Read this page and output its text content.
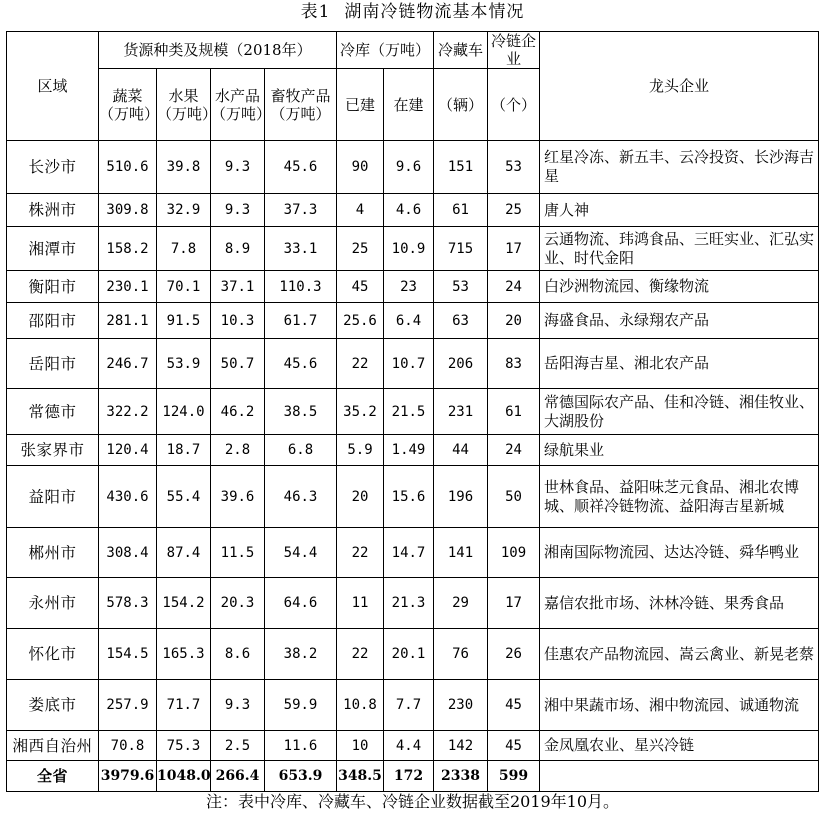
表1 湖南冷链物流基本情况
区域	货源种类及规模（2018年）				冷库（万吨）		冷藏车	冷链企业	龙头企业
	蔬菜（万吨）	水果（万吨）	水产品（万吨）	畜牧产品（万吨）	已建	在建	（辆）	（个）	
长沙市	510.6	39.8	9.3	45.6	90	9.6	151	53	红星冷冻、新五丰、云冷投资、长沙海吉星
株洲市	309.8	32.9	9.3	37.3	4	4.6	61	25	唐人神
湘潭市	158.2	7.8	8.9	33.1	25	10.9	715	17	云通物流、玮鸿食品、三旺实业、汇弘实业、时代金阳
衡阳市	230.1	70.1	37.1	110.3	45	23	53	24	白沙洲物流园、衡缘物流
邵阳市	281.1	91.5	10.3	61.7	25.6	6.4	63	20	海盛食品、永绿翔农产品
岳阳市	246.7	53.9	50.7	45.6	22	10.7	206	83	岳阳海吉星、湘北农产品
常德市	322.2	124.0	46.2	38.5	35.2	21.5	231	61	常德国际农产品、佳和冷链、湘佳牧业、大湖股份
张家界市	120.4	18.7	2.8	6.8	5.9	1.49	44	24	绿航果业
益阳市	430.6	55.4	39.6	46.3	20	15.6	196	50	世林食品、益阳味芝元食品、湘北农博城、顺祥冷链物流、益阳海吉星新城
郴州市	308.4	87.4	11.5	54.4	22	14.7	141	109	湘南国际物流园、达达冷链、舜华鸭业
永州市	578.3	154.2	20.3	64.6	11	21.3	29	17	嘉信农批市场、沐林冷链、果秀食品
怀化市	154.5	165.3	8.6	38.2	22	20.1	76	26	佳惠农产品物流园、嵩云禽业、新晃老蔡
娄底市	257.9	71.7	9.3	59.9	10.8	7.7	230	45	湘中果蔬市场、湘中物流园、诚通物流
湘西自治州	70.8	75.3	2.5	11.6	10	4.4	142	45	金凤凰农业、星兴冷链
全省	3979.6	1048.0	266.4	653.9	348.5	172	2338	599	
注：表中冷库、冷藏车、冷链企业数据截至2019年10月。
